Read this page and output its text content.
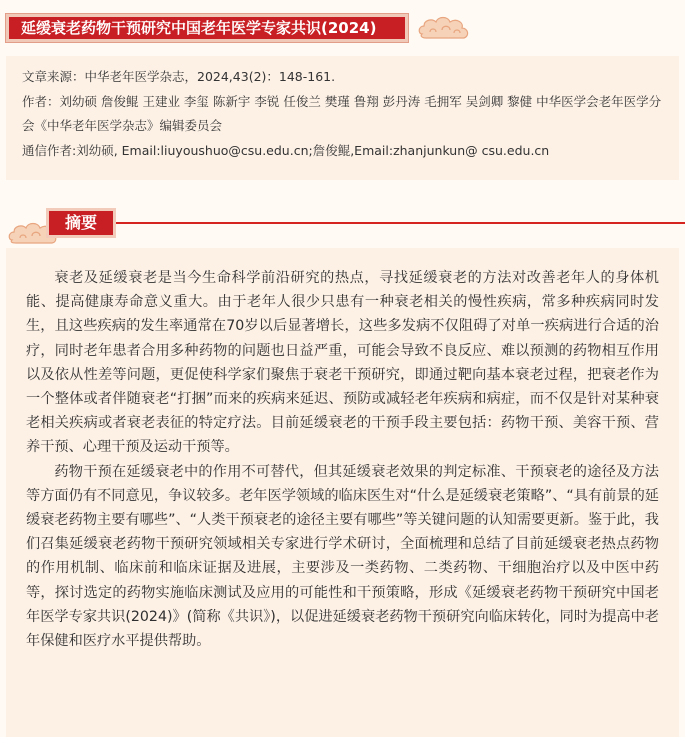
延缓衰老药物干预研究中国老年医学专家共识(2024)
文章来源：中华老年医学杂志，2024,43(2)：148-161.
作者：刘幼硕 詹俊鲲 王建业 李玺 陈新宇 李锐 任俊兰 樊瑾 鲁翔 彭丹涛 毛拥军 吴剑卿 黎健 中华医学会老年医学分会《中华老年医学杂志》编辑委员会
通信作者:刘幼硕, Email:liuyoushuo@csu.edu.cn;詹俊鲲,Email:zhanjunkun@ csu.edu.cn
摘要

衰老及延缓衰老是当今生命科学前沿研究的热点，寻找延缓衰老的方法对改善老年人的身体机能、提高健康寿命意义重大。由于老年人很少只患有一种衰老相关的慢性疾病，常多种疾病同时发生，且这些疾病的发生率通常在70岁以后显著增长，这些多发病不仅阻碍了对单一疾病进行合适的治疗，同时老年患者合用多种药物的问题也日益严重，可能会导致不良反应、难以预测的药物相互作用以及依从性差等问题，更促使科学家们聚焦于衰老干预研究，即通过靶向基本衰老过程，把衰老作为一个整体或者伴随衰老“打捆”而来的疾病来延迟、预防或减轻老年疾病和病症，而不仅是针对某种衰老相关疾病或者衰老表征的特定疗法。目前延缓衰老的干预手段主要包括：药物干预、美容干预、营养干预、心理干预及运动干预等。

药物干预在延缓衰老中的作用不可替代，但其延缓衰老效果的判定标准、干预衰老的途径及方法等方面仍有不同意见，争议较多。老年医学领域的临床医生对“什么是延缓衰老策略”、“具有前景的延缓衰老药物主要有哪些”、“人类干预衰老的途径主要有哪些”等关键问题的认知需要更新。鉴于此，我们召集延缓衰老药物干预研究领域相关专家进行学术研讨，全面梳理和总结了目前延缓衰老热点药物的作用机制、临床前和临床证据及进展，主要涉及一类药物、二类药物、干细胞治疗以及中医中药等，探讨选定的药物实施临床测试及应用的可能性和干预策略，形成《延缓衰老药物干预研究中国老年医学专家共识(2024)》(简称《共识》)，以促进延缓衰老药物干预研究向临床转化，同时为提高中老年保健和医疗水平提供帮助。
